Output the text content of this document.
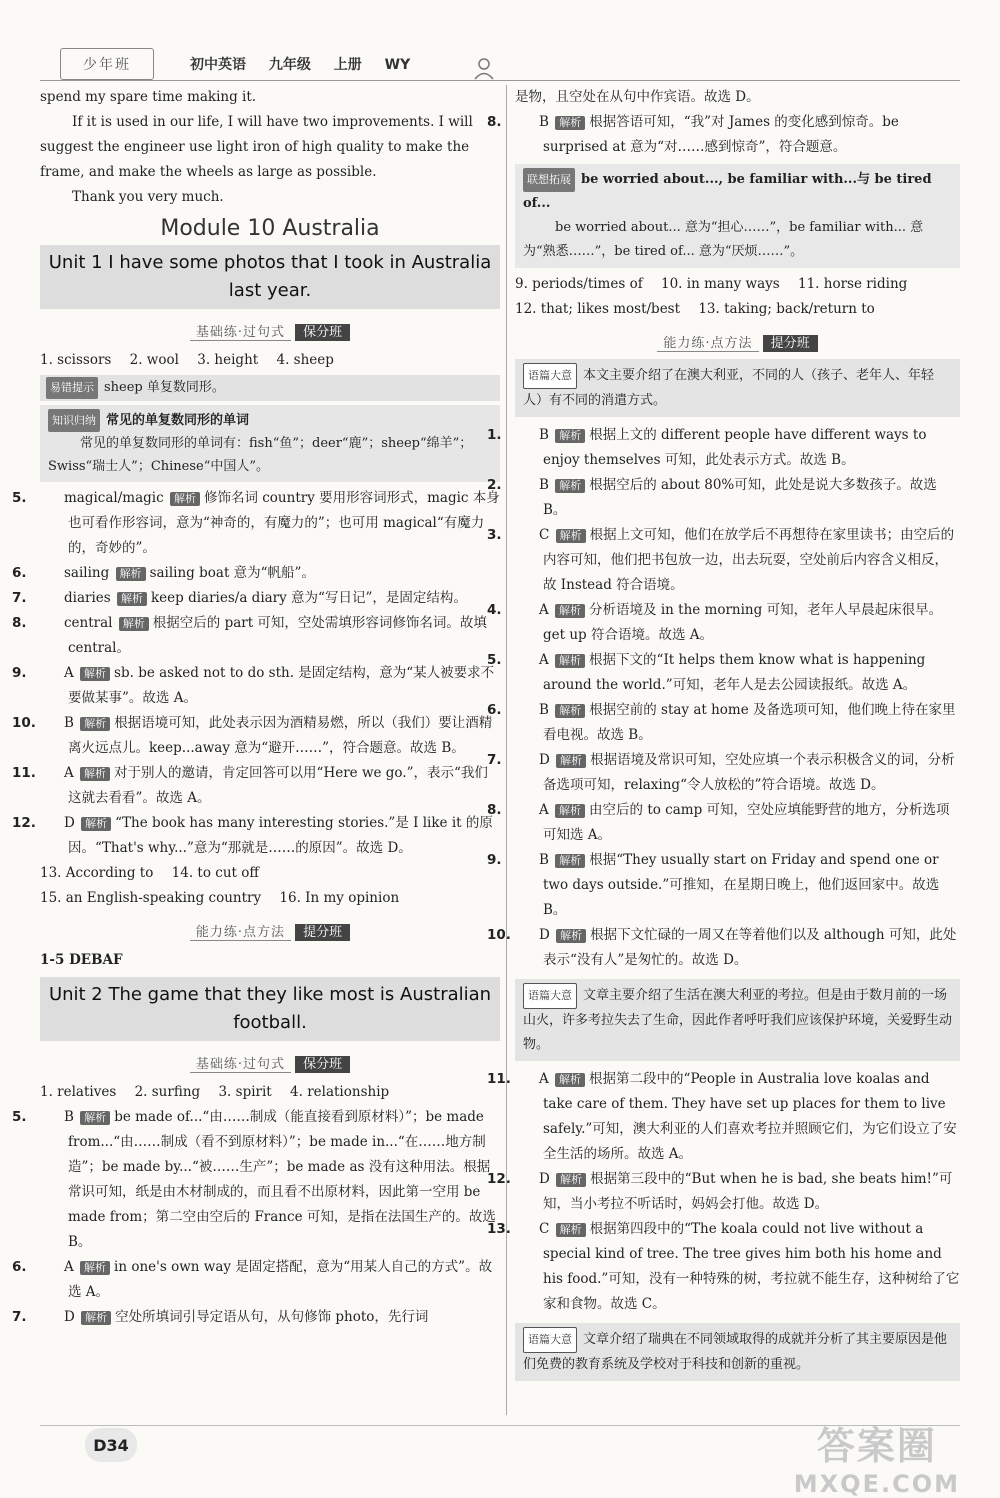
少年班	初中英语 九年级 上册 WY

spend my spare time making it.

If it is used in our life, I will have two improvements. I will suggest the engineer use light iron of high quality to make the frame, and make the wheels as large as possible.

Thank you very much.

Module 10 Australia
Unit 1 I have some photos that I took in Australia last year.
基础练·过句式 保分班
1. scissors 2. wool 3. height 4. sheep
易错提示 sheep 单复数同形。
知识归纳 常见的单复数同形的单词
常见的单复数同形的单词有：fish“鱼”；deer“鹿”；sheep“绵羊”；Swiss“瑞士人”；Chinese“中国人”。
5.	magical/magic 解析 修饰名词 country 要用形容词形式，magic 本身也可看作形容词，意为“神奇的，有魔力的”；也可用 magical“有魔力的，奇妙的”。
6.	sailing 解析 sailing boat 意为“帆船”。
7.	diaries 解析 keep diaries/a diary 意为“写日记”，是固定结构。
8.	central 解析 根据空后的 part 可知，空处需填形容词修饰名词。故填 central。
9.	A 解析 sb. be asked not to do sth. 是固定结构，意为“某人被要求不要做某事”。故选 A。
10. B 解析 根据语境可知，此处表示因为酒精易燃，所以（我们）要让酒精离火远点儿。keep...away 意为“避开……”，符合题意。故选 B。
11. A 解析 对于别人的邀请，肯定回答可以用“Here we go.”，表示“我们这就去看看”。故选 A。
12. D 解析 “The book has many interesting stories.”是 I like it 的原因。“That's why...”意为“那就是……的原因”。故选 D。
13. According to 14. to cut off
15. an English-speaking country 16. In my opinion
能力练·点方法 提分班
1-5 DEBAF
Unit 2 The game that they like most is Australian football.
基础练·过句式 保分班
1. relatives 2. surfing 3. spirit 4. relationship
5.	B 解析 be made of...“由……制成（能直接看到原材料）”；be made from...“由……制成（看不到原材料）”；be made in...“在……地方制造”；be made by...“被……生产”；be made as 没有这种用法。根据常识可知，纸是由木材制成的，而且看不出原材料，因此第一空用 be made from；第二空由空后的 France 可知，是指在法国生产的。故选 B。
6.	A 解析 in one's own way 是固定搭配，意为“用某人自己的方式”。故选 A。
7.	D 解析 空处所填词引导定语从句，从句修饰 photo，先行词

是物，且空处在从句中作宾语。故选 D。

8.	B 解析 根据答语可知，“我”对 James 的变化感到惊奇。be surprised at 意为“对……感到惊奇”，符合题意。
联想拓展 be worried about..., be familiar with...与 be tired of...
be worried about... 意为“担心……”，be familiar with... 意为“熟悉……”，be tired of... 意为“厌烦……”。
9. periods/times of 10. in many ways 11. horse riding
12. that; likes most/best 13. taking; back/return to
能力练·点方法 提分班
语篇大意 本文主要介绍了在澳大利亚，不同的人（孩子、老年人、年轻人）有不同的消遣方式。
1.	B 解析 根据上文的 different people have different ways to enjoy themselves 可知，此处表示方式。故选 B。
2.	B 解析 根据空后的 about 80%可知，此处是说大多数孩子。故选 B。
3.	C 解析 根据上文可知，他们在放学后不再想待在家里读书；由空后的内容可知，他们把书包放一边，出去玩耍，空处前后内容含义相反，故 Instead 符合语境。
4.	A 解析 分析语境及 in the morning 可知，老年人早晨起床很早。get up 符合语境。故选 A。
5.	A 解析 根据下文的“It helps them know what is happening around the world.”可知，老年人是去公园读报纸。故选 A。
6.	B 解析 根据空前的 stay at home 及备选项可知，他们晚上待在家里看电视。故选 B。
7.	D 解析 根据语境及常识可知，空处应填一个表示积极含义的词，分析备选项可知，relaxing“令人放松的”符合语境。故选 D。
8.	A 解析 由空后的 to camp 可知，空处应填能野营的地方，分析选项可知选 A。
9.	B 解析 根据“They usually start on Friday and spend one or two days outside.”可推知，在星期日晚上，他们返回家中。故选 B。
10. D 解析 根据下文忙碌的一周又在等着他们以及 although 可知，此处表示“没有人”是匆忙的。故选 D。
语篇大意 文章主要介绍了生活在澳大利亚的考拉。但是由于数月前的一场山火，许多考拉失去了生命，因此作者呼吁我们应该保护环境，关爱野生动物。
11. A 解析 根据第二段中的“People in Australia love koalas and take care of them. They have set up places for them to live safely.”可知，澳大利亚的人们喜欢考拉并照顾它们，为它们设立了安全生活的场所。故选 A。
12. D 解析 根据第三段中的“But when he is bad, she beats him!”可知，当小考拉不听话时，妈妈会打他。故选 D。
13. C 解析 根据第四段中的“The koala could not live without a special kind of tree. The tree gives him both his home and his food.”可知，没有一种特殊的树，考拉就不能生存，这种树给了它家和食物。故选 C。
语篇大意 文章介绍了瑞典在不同领域取得的成就并分析了其主要原因是他们免费的教育系统及学校对于科技和创新的重视。
D34	答案圈
MXQE.COM
